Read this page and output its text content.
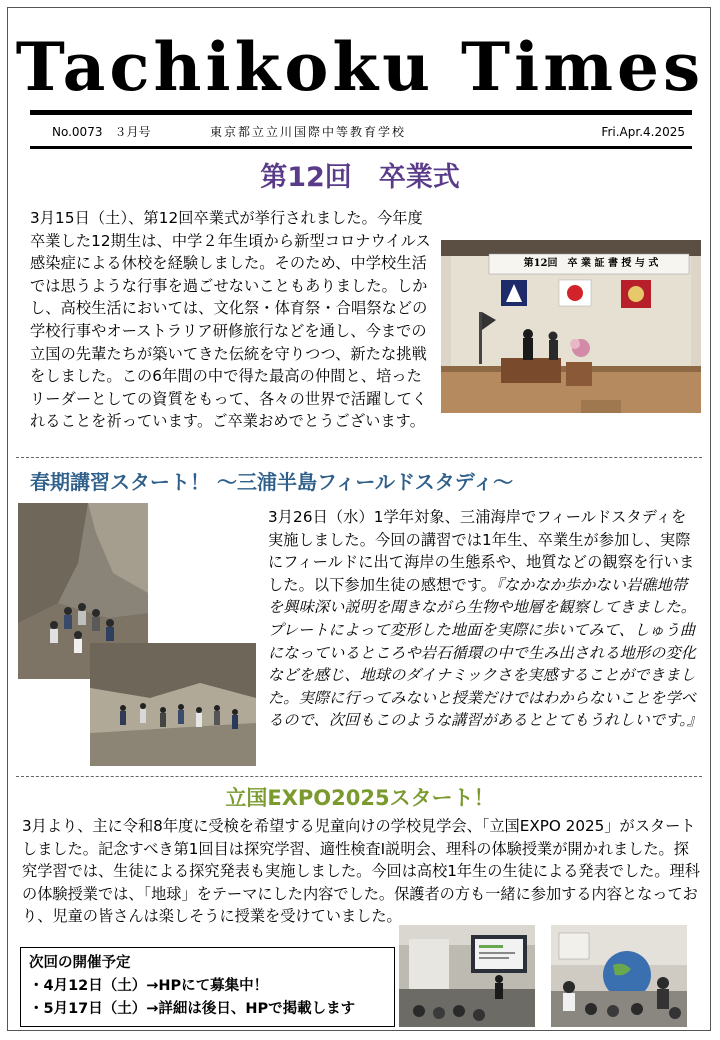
Tachikoku Times
No.0073　３月号	東京都立立川国際中等教育学校	Fri.Apr.4.2025
第12回　卒業式
3月15日（土）、第12回卒業式が挙行されました。今年度卒業した12期生は、中学２年生頃から新型コロナウイルス感染症による休校を経験しました。そのため、中学校生活では思うような行事を過ごせないこともありました。しかし、高校生活においては、文化祭・体育祭・合唱祭などの学校行事やオーストラリア研修旅行などを通し、今までの立国の先輩たちが築いてきた伝統を守りつつ、新たな挑戦をしました。この6年間の中で得た最高の仲間と、培ったリーダーとしての資質をもって、各々の世界で活躍してくれることを祈っています。ご卒業おめでとうございます。
第12回　卒 業 証 書 授 与 式
春期講習スタート！ ～三浦半島フィールドスタディ～
3月26日（水）1学年対象、三浦海岸でフィールドスタディを実施しました。今回の講習では1年生、卒業生が参加し、実際にフィールドに出て海岸の生態系や、地質などの観察を行いました。以下参加生徒の感想です。『なかなか歩かない岩礁地帯を興味深い説明を聞きながら生物や地層を観察してきました。プレートによって変形した地面を実際に歩いてみて、しゅう曲になっているところや岩石循環の中で生み出される地形の変化などを感じ、地球のダイナミックさを実感することができました。実際に行ってみないと授業だけではわからないことを学べるので、次回もこのような講習があるととてもうれしいです。』
立国EXPO2025スタート！
3月より、主に令和8年度に受検を希望する児童向けの学校見学会、「立国EXPO 2025」がスタートしました。記念すべき第1回目は探究学習、適性検査Ⅰ説明会、理科の体験授業が開かれました。探究学習では、生徒による探究発表も実施しました。今回は高校1年生の生徒による発表でした。理科の体験授業では、「地球」をテーマにした内容でした。保護者の方も一緒に参加する内容となっており、児童の皆さんは楽しそうに授業を受けていました。
次回の開催予定
・4月12日（土）→HPにて募集中！
・5月17日（土）→詳細は後日、HPで掲載します
